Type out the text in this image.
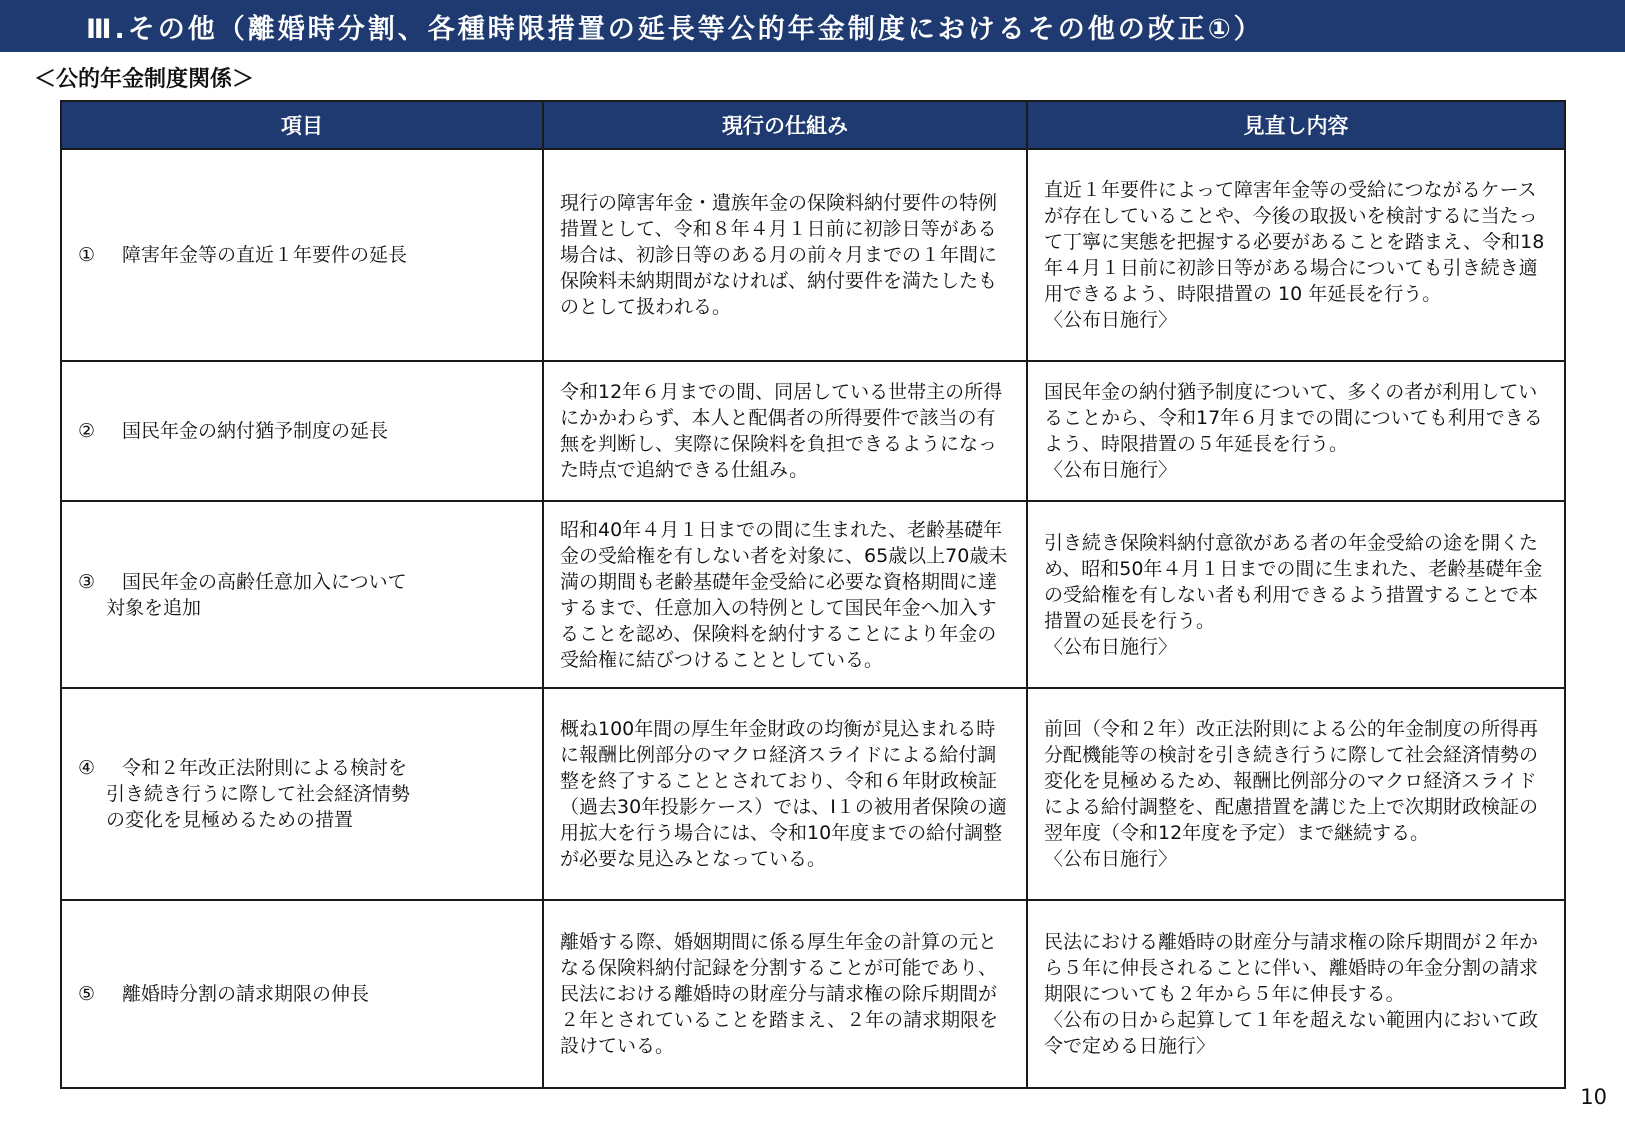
Ⅲ.その他（離婚時分割、各種時限措置の延長等公的年金制度におけるその他の改正①）
＜公的年金制度関係＞
項目	現行の仕組み	見直し内容
① 障害年金等の直近１年要件の延長	現行の障害年金・遺族年金の保険料納付要件の特例措置として、令和８年４月１日前に初診日等がある場合は、初診日等のある月の前々月までの１年間に保険料未納期間がなければ、納付要件を満たしたものとして扱われる。	直近１年要件によって障害年金等の受給につながるケースが存在していることや、今後の取扱いを検討するに当たって丁寧に実態を把握する必要があることを踏まえ、令和18年４月１日前に初診日等がある場合についても引き続き適用できるよう、時限措置の 10 年延長を行う。
〈公布日施行〉
② 国民年金の納付猶予制度の延長	令和12年６月までの間、同居している世帯主の所得にかかわらず、本人と配偶者の所得要件で該当の有無を判断し、実際に保険料を負担できるようになった時点で追納できる仕組み。	国民年金の納付猶予制度について、多くの者が利用していることから、令和17年６月までの間についても利用できるよう、時限措置の５年延長を行う。
〈公布日施行〉
③ 国民年金の高齢任意加入について
対象を追加	昭和40年４月１日までの間に生まれた、老齢基礎年金の受給権を有しない者を対象に、65歳以上70歳未満の期間も老齢基礎年金受給に必要な資格期間に達するまで、任意加入の特例として国民年金へ加入することを認め、保険料を納付することにより年金の受給権に結びつけることとしている。	引き続き保険料納付意欲がある者の年金受給の途を開くため、昭和50年４月１日までの間に生まれた、老齢基礎年金の受給権を有しない者も利用できるよう措置することで本措置の延長を行う。
〈公布日施行〉
④ 令和２年改正法附則による検討を
引き続き行うに際して社会経済情勢
の変化を見極めるための措置	概ね100年間の厚生年金財政の均衡が見込まれる時に報酬比例部分のマクロ経済スライドによる給付調整を終了することとされており、令和６年財政検証（過去30年投影ケース）では、Ⅰ１の被用者保険の適用拡大を行う場合には、令和10年度までの給付調整が必要な見込みとなっている。	前回（令和２年）改正法附則による公的年金制度の所得再分配機能等の検討を引き続き行うに際して社会経済情勢の変化を見極めるため、報酬比例部分のマクロ経済スライドによる給付調整を、配慮措置を講じた上で次期財政検証の翌年度（令和12年度を予定）まで継続する。
〈公布日施行〉
⑤ 離婚時分割の請求期限の伸長	離婚する際、婚姻期間に係る厚生年金の計算の元となる保険料納付記録を分割することが可能であり、民法における離婚時の財産分与請求権の除斥期間が２年とされていることを踏まえ、２年の請求期限を設けている。	民法における離婚時の財産分与請求権の除斥期間が２年から５年に伸長されることに伴い、離婚時の年金分割の請求期限についても２年から５年に伸長する。
〈公布の日から起算して１年を超えない範囲内において政令で定める日施行〉
10
